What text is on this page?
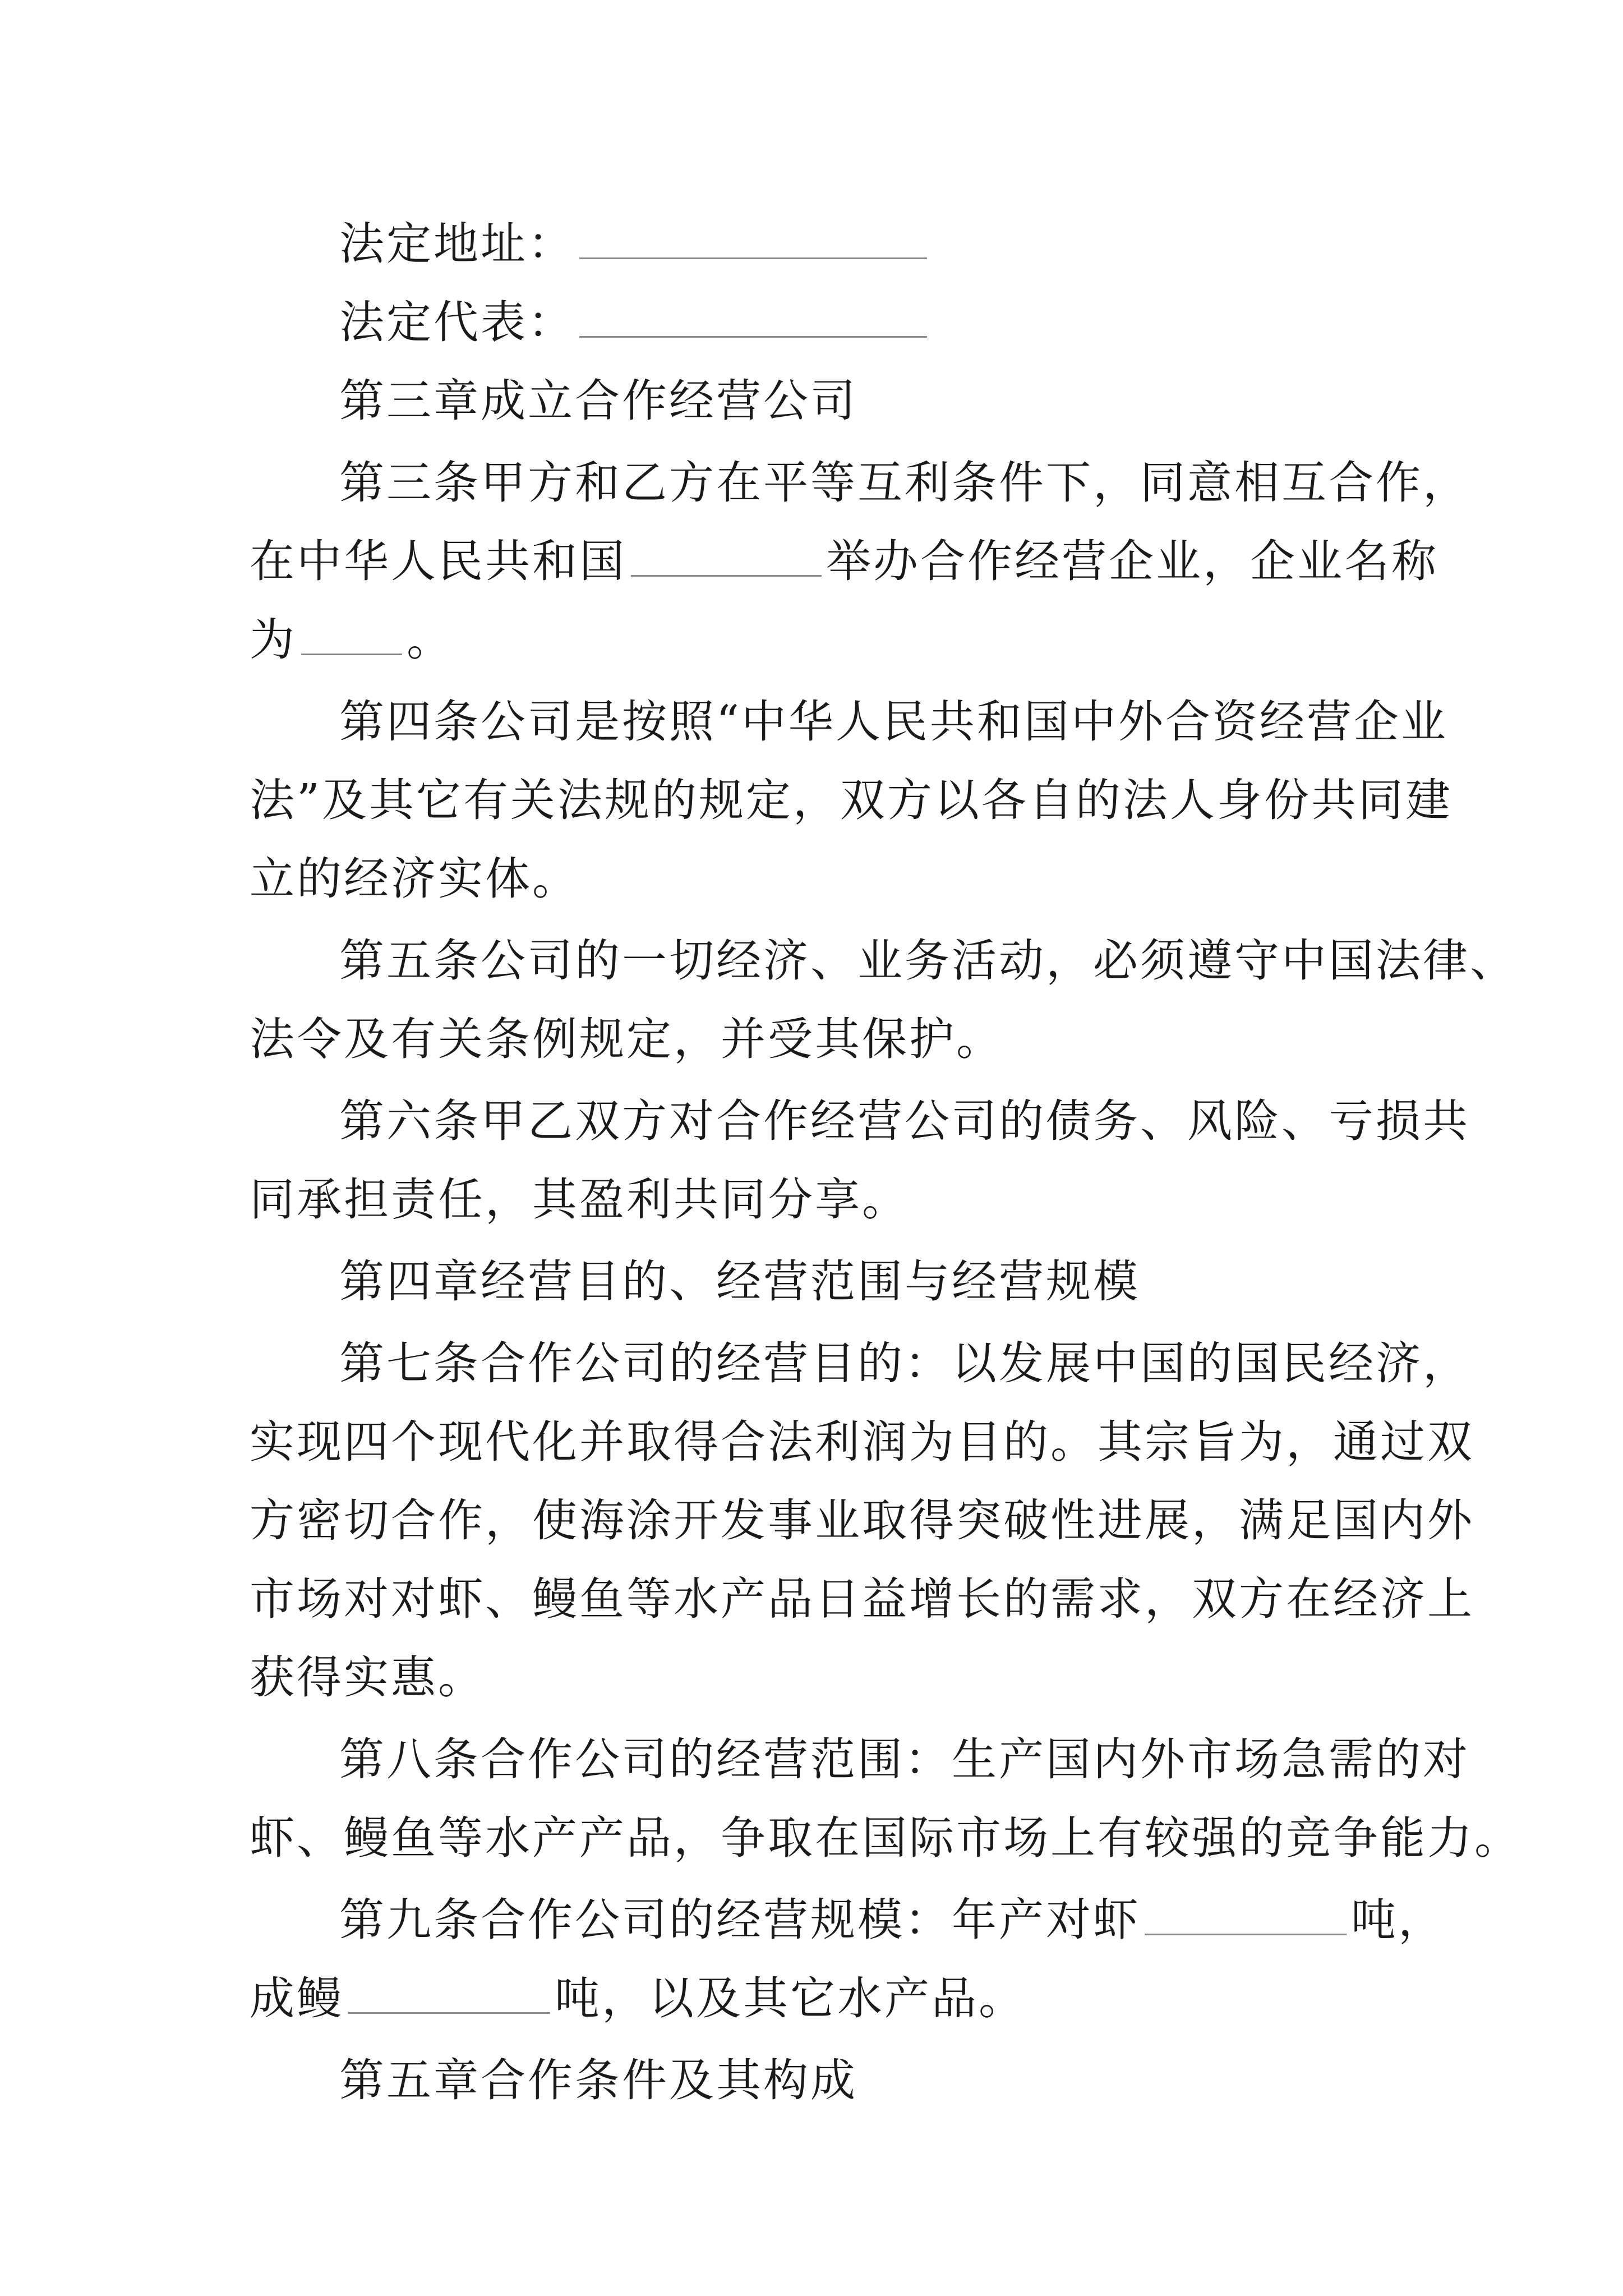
法定地址：
法定代表：
第三章成立合作经营公司
第三条甲方和乙方在平等互利条件下，同意相互合作，
在中华人民共和国	举办合作经营企业，企业名称
为 。
第四条公司是按照“中华人民共和国中外合资经营企业
法”及其它有关法规的规定，双方以各自的法人身份共同建
立的经济实体。
第五条公司的一切经济、业务活动，必须遵守中国法律、
法令及有关条例规定，并受其保护。
第六条甲乙双方对合作经营公司的债务、风险、亏损共
同承担责任，其盈利共同分享。
第四章经营目的、经营范围与经营规模
第七条合作公司的经营目的：以发展中国的国民经济，
实现四个现代化并取得合法利润为目的。其宗旨为，通过双
方密切合作，使海涂开发事业取得突破性进展，满足国内外
市场对对虾、鳗鱼等水产品日益增长的需求，双方在经济上
获得实惠。
第八条合作公司的经营范围：生产国内外市场急需的对
虾、鳗鱼等水产产品，争取在国际市场上有较强的竞争能力。
第九条合作公司的经营规模：年产对虾	吨，
成鳗	吨，以及其它水产品。
第五章合作条件及其构成
